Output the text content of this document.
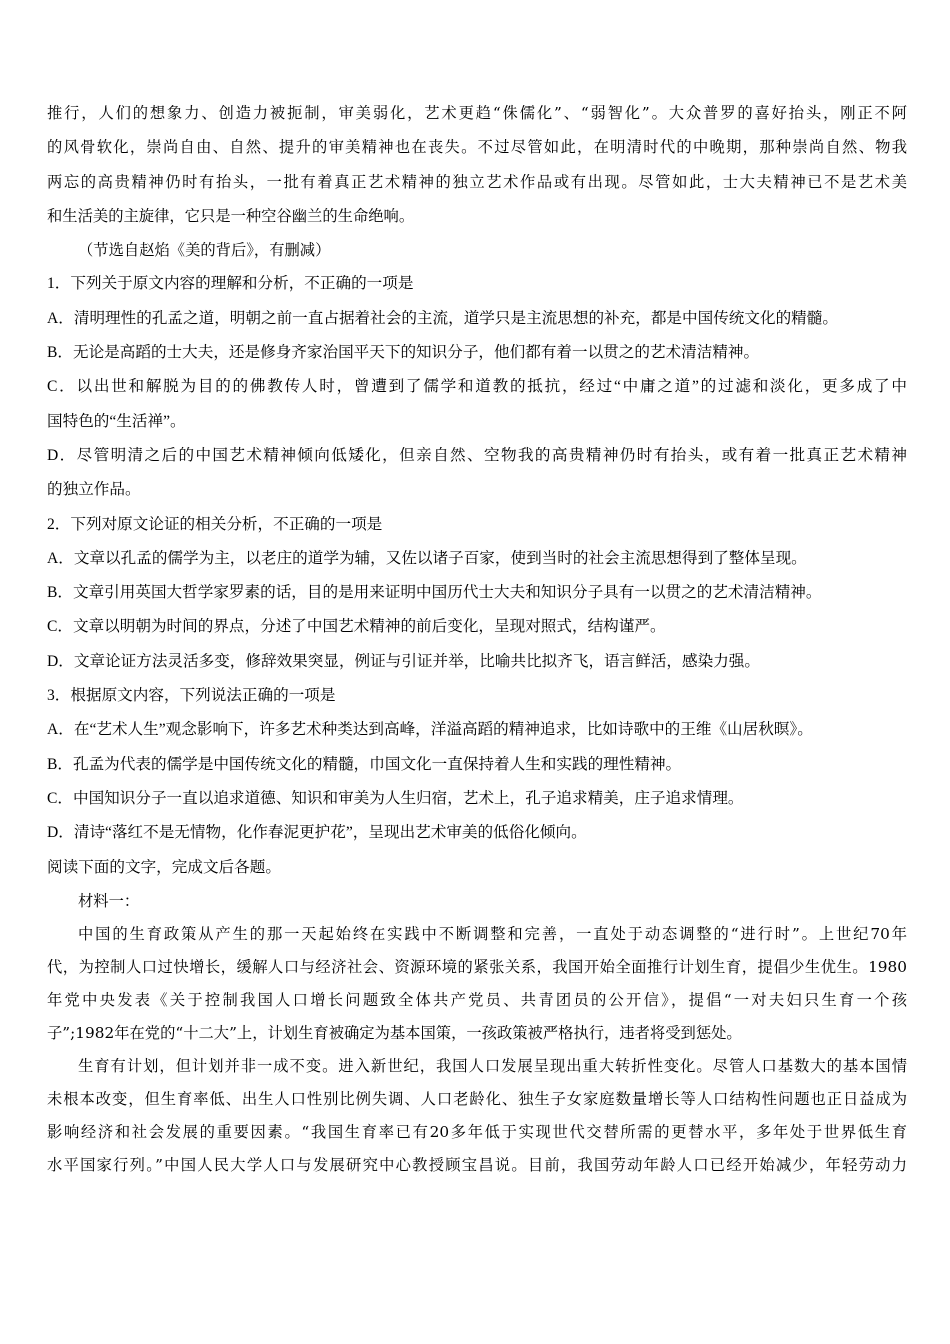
推行，人们的想象力、创造力被扼制，审美弱化，艺术更趋“侏儒化”、“弱智化”。大众普罗的喜好抬头，刚正不阿
的风骨软化，崇尚自由、自然、提升的审美精神也在丧失。不过尽管如此，在明清时代的中晚期，那种崇尚自然、物我
两忘的高贵精神仍时有抬头，一批有着真正艺术精神的独立艺术作品或有出现。尽管如此，士大夫精神已不是艺术美
和生活美的主旋律，它只是一种空谷幽兰的生命绝响。
（节选自赵焰《美的背后》，有删减）
1．下列关于原文内容的理解和分析，不正确的一项是
A．清明理性的孔孟之道，明朝之前一直占据着社会的主流，道学只是主流思想的补充，都是中国传统文化的精髓。
B．无论是高蹈的士大夫，还是修身齐家治国平天下的知识分子，他们都有着一以贯之的艺术清洁精神。
C．以出世和解脱为目的的佛教传人时，曾遭到了儒学和道教的抵抗，经过“中庸之道”的过滤和淡化，更多成了中
国特色的“生活禅”。
D．尽管明清之后的中国艺术精神倾向低矮化，但亲自然、空物我的高贵精神仍时有抬头，或有着一批真正艺术精神
的独立作品。
2．下列对原文论证的相关分析，不正确的一项是
A．文章以孔孟的儒学为主，以老庄的道学为辅，又佐以诸子百家，使到当时的社会主流思想得到了整体呈现。
B．文章引用英国大哲学家罗素的话，目的是用来证明中国历代士大夫和知识分子具有一以贯之的艺术清洁精神。
C．文章以明朝为时间的界点，分述了中国艺术精神的前后变化，呈现对照式，结构谨严。
D．文章论证方法灵活多变，修辞效果突显，例证与引证并举，比喻共比拟齐飞，语言鲜活，感染力强。
3．根据原文内容，下列说法正确的一项是
A．在“艺术人生”观念影响下，许多艺术种类达到高峰，洋溢高蹈的精神追求，比如诗歌中的王维《山居秋暝》。
B．孔孟为代表的儒学是中国传统文化的精髓，巾国文化一直保持着人生和实践的理性精神。
C．中国知识分子一直以追求道德、知识和审美为人生归宿，艺术上，孔子追求精美，庄子追求情理。
D．清诗“落红不是无情物，化作春泥更护花”，呈现出艺术审美的低俗化倾向。
阅读下面的文字，完成文后各题。
材料一：
中国的生育政策从产生的那一天起始终在实践中不断调整和完善，一直处于动态调整的“进行时”。上世纪70年
代，为控制人口过快增长，缓解人口与经济社会、资源环境的紧张关系，我国开始全面推行计划生育，提倡少生优生。1980
年党中央发表《关于控制我国人口增长问题致全体共产党员、共青团员的公开信》，提倡“一对夫妇只生育一个孩
子”;1982年在党的“十二大”上，计划生育被确定为基本国策，一孩政策被严格执行，违者将受到惩处。
生育有计划，但计划并非一成不变。进入新世纪，我国人口发展呈现出重大转折性变化。尽管人口基数大的基本国情
未根本改变，但生育率低、出生人口性别比例失调、人口老龄化、独生子女家庭数量增长等人口结构性问题也正日益成为
影响经济和社会发展的重要因素。“我国生育率已有20多年低于实现世代交替所需的更替水平，多年处于世界低生育
水平国家行列。”中国人民大学人口与发展研究中心教授顾宝昌说。目前，我国劳动年龄人口已经开始减少，年轻劳动力
